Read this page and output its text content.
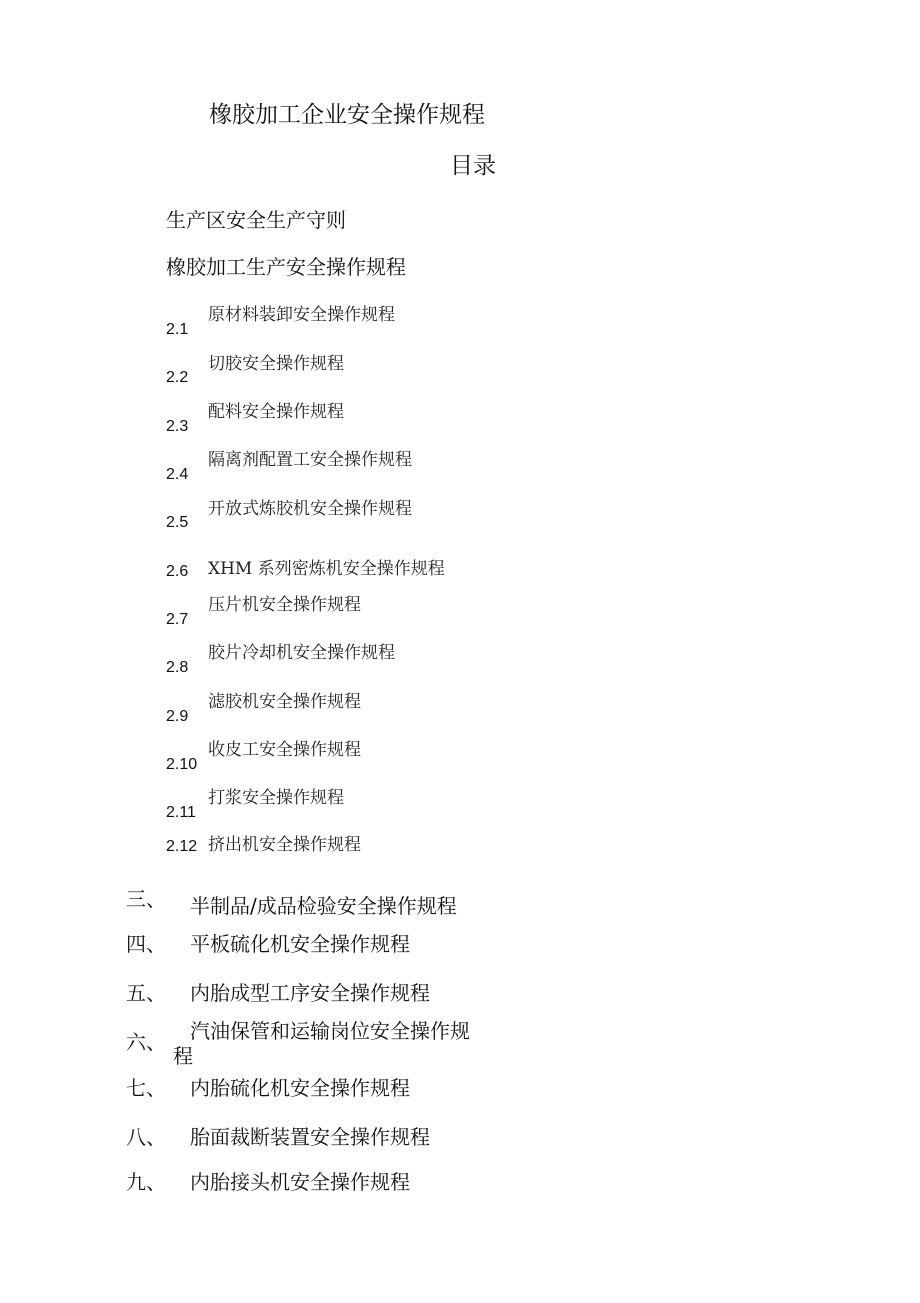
橡胶加工企业安全操作规程
目录
生产区安全生产守则
橡胶加工生产安全操作规程
原材料装卸安全操作规程
2.1
切胶安全操作规程
2.2
配料安全操作规程
2.3
隔离剂配置工安全操作规程
2.4
开放式炼胶机安全操作规程
2.5
2.6 XHM 系列密炼机安全操作规程
压片机安全操作规程
2.7
胶片冷却机安全操作规程
2.8
滤胶机安全操作规程
2.9
收皮工安全操作规程
2.10
打浆安全操作规程
2.11
2.12 挤出机安全操作规程
三、 半制品/成品检验安全操作规程
四、 平板硫化机安全操作规程
五、 内胎成型工序安全操作规程
汽油保管和运输岗位安全操作规
六、
程
七、 内胎硫化机安全操作规程
八、 胎面裁断装置安全操作规程
九、 内胎接头机安全操作规程
